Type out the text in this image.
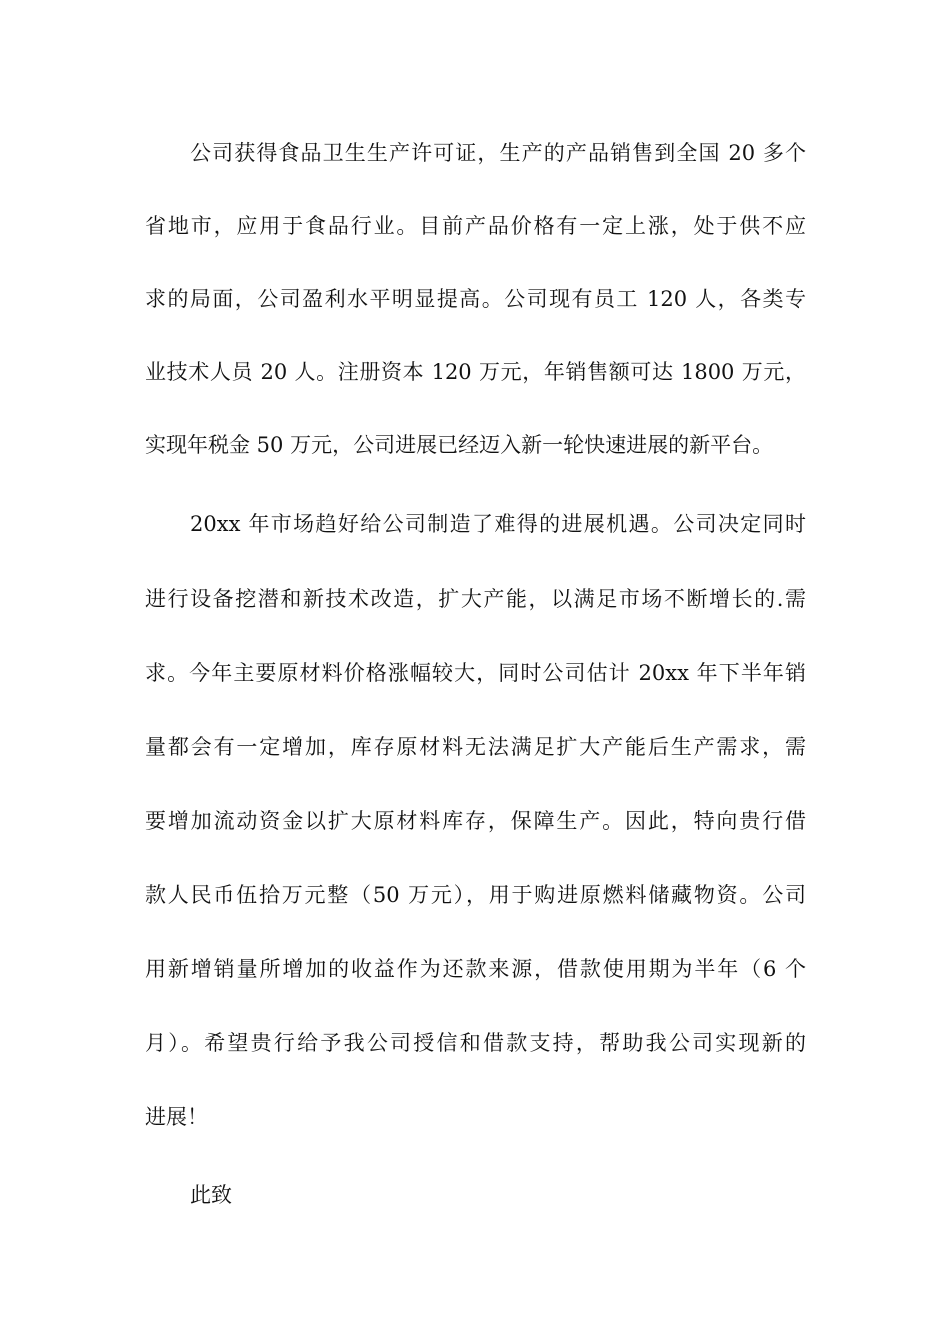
公司获得食品卫生生产许可证，生产的产品销售到全国 20 多个
省地市，应用于食品行业。目前产品价格有一定上涨，处于供不应
求的局面，公司盈利水平明显提高。公司现有员工 120 人，各类专
业技术人员 20 人。注册资本 120 万元，年销售额可达 1800 万元，
实现年税金 50 万元，公司进展已经迈入新一轮快速进展的新平台。
20xx 年市场趋好给公司制造了难得的进展机遇。公司决定同时
进行设备挖潜和新技术改造，扩大产能，以满足市场不断增长的.需
求。今年主要原材料价格涨幅较大，同时公司估计 20xx 年下半年销
量都会有一定增加，库存原材料无法满足扩大产能后生产需求，需
要增加流动资金以扩大原材料库存，保障生产。因此，特向贵行借
款人民币伍拾万元整（50 万元），用于购进原燃料储藏物资。公司
用新增销量所增加的收益作为还款来源，借款使用期为半年（6 个
月）。希望贵行给予我公司授信和借款支持，帮助我公司实现新的
进展！
此致
